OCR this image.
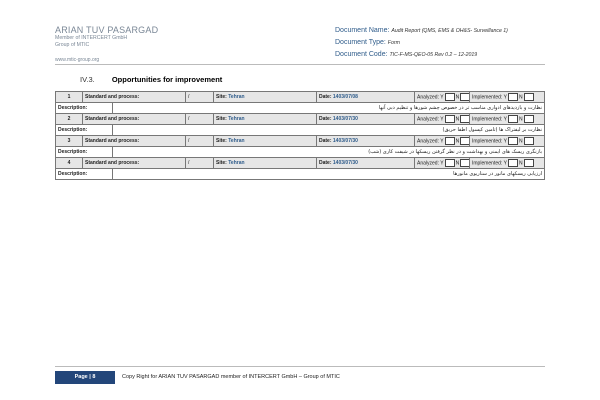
ARIAN TUV PASARGAD
Member of INTERCERT GmbH
Group of MTIC
www.mtic-group.org
Document Name: Audit Report (QMS, EMS & OH&S- Surveillance 1)
Document Type: Form
Document Code: TIC-F-MS-QEO-05 Rev 0.2 – 12-2019
IV.3. Opportunities for improvement
1	Standard and process:		/	Site: Tehran	Date: 1403/07/08	Analyzed: Y N	Implemented: Y N
Description:		نظارت و بازدیدهای ادواری مناسب تر در خصوص چشم شورها و تنظیم دبی آنها					
2	Standard and process:		/	Site: Tehran	Date: 1403/07/30	Analyzed: Y N	Implemented: Y N
Description:		نظارت بر لیفتراک ها (تامین کپسول اطفا حریق)					
3	Standard and process:		/	Site: Tehran	Date: 1403/07/30	Analyzed: Y N	Implemented: Y N
Description:		بازنگری ریسک های ایمنی و بهداشت و در نظر گرفتن ریسکها در شیفت کاری (شب)					
4	Standard and process:		/	Site: Tehran	Date: 1403/07/30	Analyzed: Y N	Implemented: Y N
Description:		ارزیابی ریسکهای مانور در سناریوی مانورها					
Page | 8	Copy Right for ARIAN TUV PASARGAD member of INTERCERT GmbH – Group of MTIC
